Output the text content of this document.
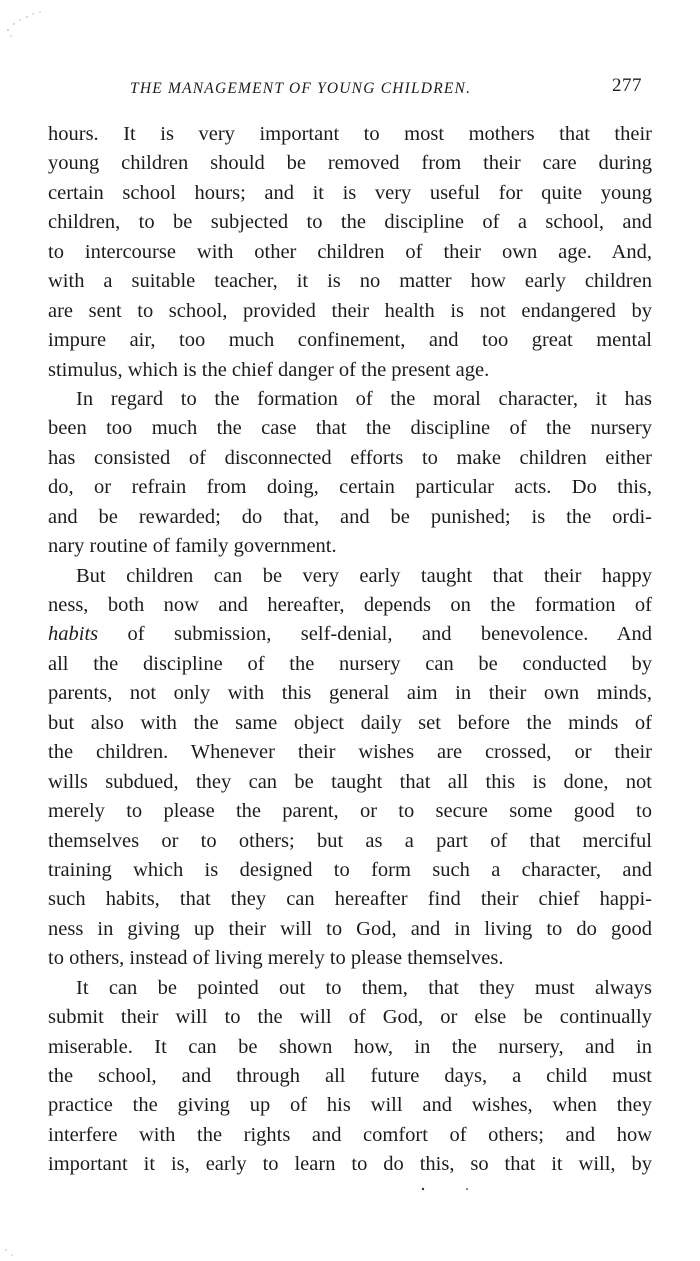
THE MANAGEMENT OF YOUNG CHILDREN.	277
hours. It is very important to most mothers that their
young children should be removed from their care during
certain school hours; and it is very useful for quite young
children, to be subjected to the discipline of a school, and
to intercourse with other children of their own age. And,
with a suitable teacher, it is no matter how early children
are sent to school, provided their health is not endangered by
impure air, too much confinement, and too great mental
stimulus, which is the chief danger of the present age.
In regard to the formation of the moral character, it has
been too much the case that the discipline of the nursery
has consisted of disconnected efforts to make children either
do, or refrain from doing, certain particular acts. Do this,
and be rewarded; do that, and be punished; is the ordi-
nary routine of family government.
But children can be very early taught that their happy
ness, both now and hereafter, depends on the formation of
habits of submission, self-denial, and benevolence. And
all the discipline of the nursery can be conducted by
parents, not only with this general aim in their own minds,
but also with the same object daily set before the minds of
the children. Whenever their wishes are crossed, or their
wills subdued, they can be taught that all this is done, not
merely to please the parent, or to secure some good to
themselves or to others; but as a part of that merciful
training which is designed to form such a character, and
such habits, that they can hereafter find their chief happi-
ness in giving up their will to God, and in living to do good
to others, instead of living merely to please themselves.
It can be pointed out to them, that they must always
submit their will to the will of God, or else be continually
miserable. It can be shown how, in the nursery, and in
the school, and through all future days, a child must
practice the giving up of his will and wishes, when they
interfere with the rights and comfort of others; and how
important it is, early to learn to do this, so that it will, by
